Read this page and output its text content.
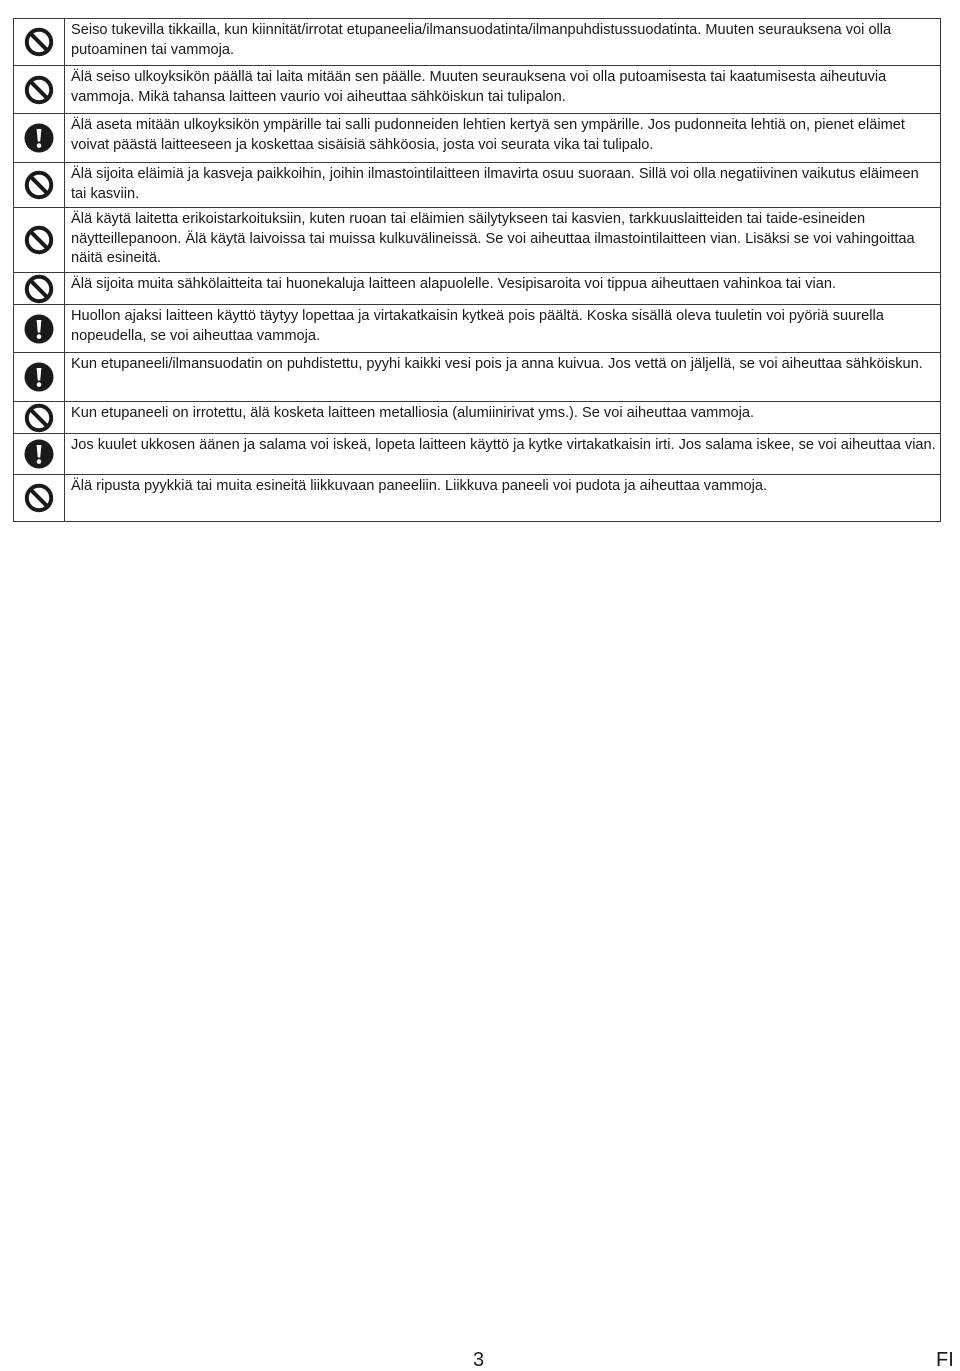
	Seiso tukevilla tikkailla, kun kiinnität/irrotat etupaneelia/ilmansuodatinta/ilmanpuhdistussuodatinta. Muuten seurauksena voi olla putoaminen tai vammoja.

	Älä seiso ulkoyksikön päällä tai laita mitään sen päälle. Muuten seurauksena voi olla putoamisesta tai kaatumisesta aiheutuvia vammoja. Mikä tahansa laitteen vaurio voi aiheuttaa sähköiskun tai tulipalon.

	Älä aseta mitään ulkoyksikön ympärille tai salli pudonneiden lehtien kertyä sen ympärille. Jos pudonneita lehtiä on, pienet eläimet voivat päästä laitteeseen ja koskettaa sisäisiä sähköosia, josta voi seurata vika tai tulipalo.

	Älä sijoita eläimiä ja kasveja paikkoihin, joihin ilmastointilaitteen ilmavirta osuu suoraan. Sillä voi olla negatiivinen vaikutus eläimeen tai kasviin.

	Älä käytä laitetta erikoistarkoituksiin, kuten ruoan tai eläimien säilytykseen tai kasvien, tarkkuuslaitteiden tai taide-esineiden näytteillepanoon. Älä käytä laivoissa tai muissa kulkuvälineissä. Se voi aiheuttaa ilmastointilaitteen vian. Lisäksi se voi vahingoittaa näitä esineitä.

	Älä sijoita muita sähkölaitteita tai huonekaluja laitteen alapuolelle. Vesipisaroita voi tippua aiheuttaen vahinkoa tai vian.

	Huollon ajaksi laitteen käyttö täytyy lopettaa ja virtakatkaisin kytkeä pois päältä. Koska sisällä oleva tuuletin voi pyöriä suurella nopeudella, se voi aiheuttaa vammoja.

	Kun etupaneeli/ilmansuodatin on puhdistettu, pyyhi kaikki vesi pois ja anna kuivua. Jos vettä on jäljellä, se voi aiheuttaa sähköiskun.

	Kun etupaneeli on irrotettu, älä kosketa laitteen metalliosia (alumiinirivat yms.). Se voi aiheuttaa vammoja.

	Jos kuulet ukkosen äänen ja salama voi iskeä, lopeta laitteen käyttö ja kytke virtakatkaisin irti. Jos salama iskee, se voi aiheuttaa vian.

	Älä ripusta pyykkiä tai muita esineitä liikkuvaan paneeliin. Liikkuva paneeli voi pudota ja aiheuttaa vammoja.
3	FI
